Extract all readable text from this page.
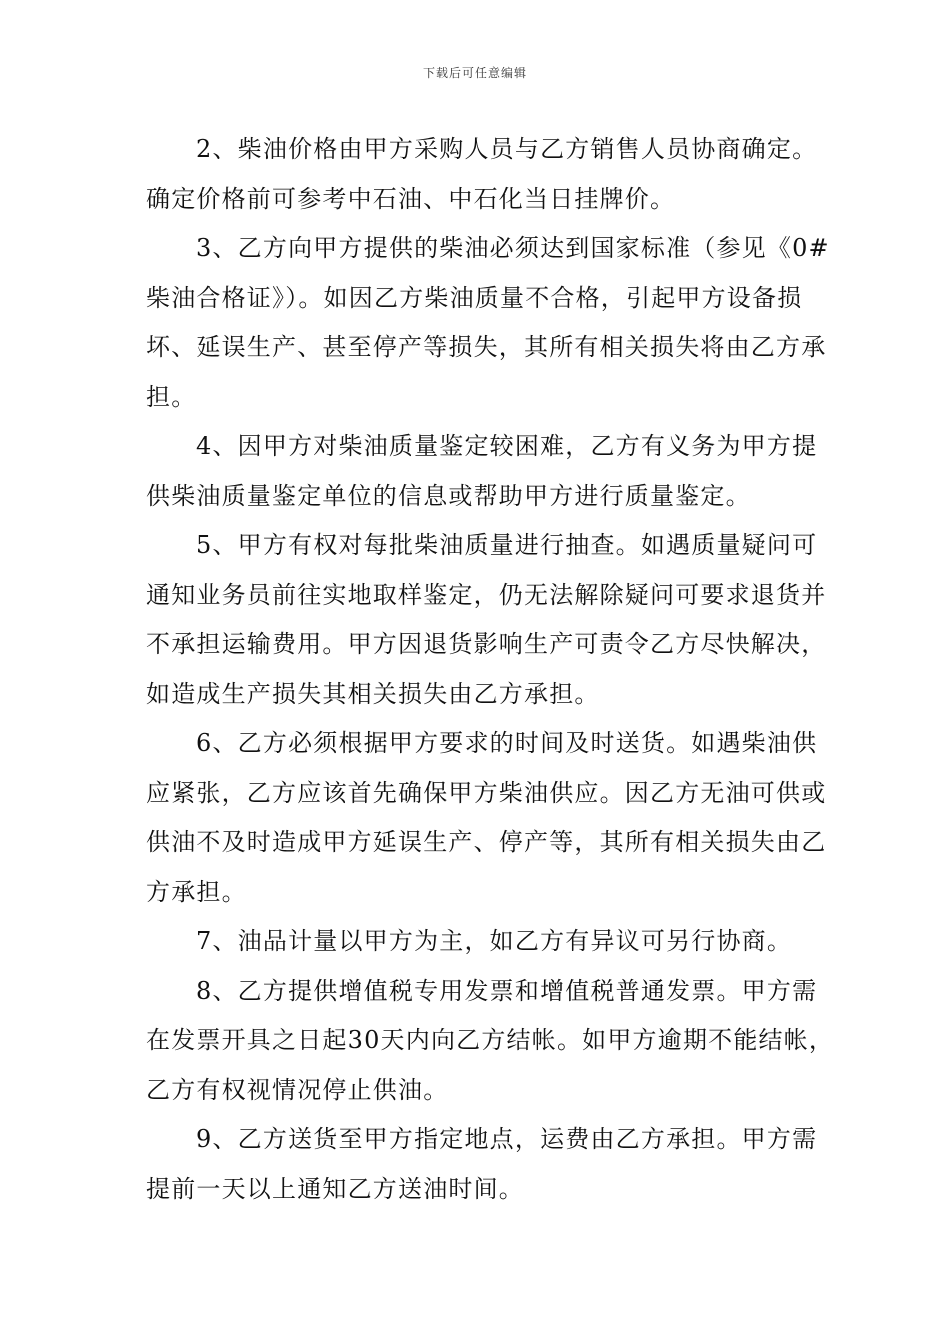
下载后可任意编辑

2、柴油价格由甲方采购人员与乙方销售人员协商确定。确定价格前可参考中石油、中石化当日挂牌价。

3、乙方向甲方提供的柴油必须达到国家标准（参见《0#柴油合格证》）。如因乙方柴油质量不合格，引起甲方设备损坏、延误生产、甚至停产等损失，其所有相关损失将由乙方承担。

4、因甲方对柴油质量鉴定较困难，乙方有义务为甲方提供柴油质量鉴定单位的信息或帮助甲方进行质量鉴定。

5、甲方有权对每批柴油质量进行抽查。如遇质量疑问可通知业务员前往实地取样鉴定，仍无法解除疑问可要求退货并不承担运输费用。甲方因退货影响生产可责令乙方尽快解决，如造成生产损失其相关损失由乙方承担。

6、乙方必须根据甲方要求的时间及时送货。如遇柴油供应紧张，乙方应该首先确保甲方柴油供应。因乙方无油可供或供油不及时造成甲方延误生产、停产等，其所有相关损失由乙方承担。

7、油品计量以甲方为主，如乙方有异议可另行协商。

8、乙方提供增值税专用发票和增值税普通发票。甲方需在发票开具之日起30天内向乙方结帐。如甲方逾期不能结帐，乙方有权视情况停止供油。

9、乙方送货至甲方指定地点，运费由乙方承担。甲方需提前一天以上通知乙方送油时间。
